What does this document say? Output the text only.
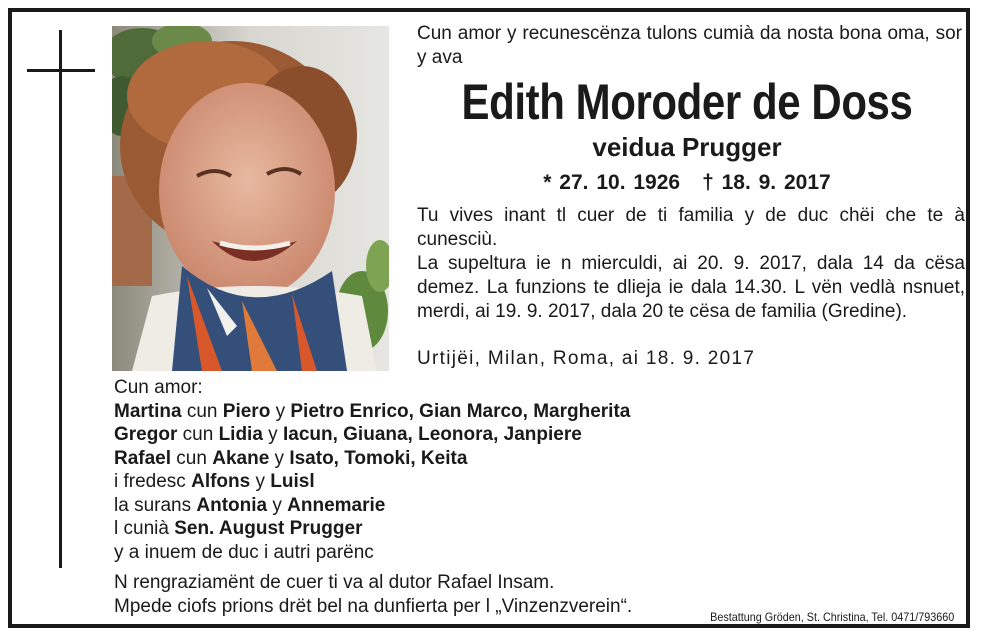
Cun amor y recunescënza tulons cumià da nosta bona oma, sor y ava
Edith Moroder de Doss
veidua Prugger
* 27. 10. 1926 † 18. 9. 2017

Tu vives inant tl cuer de ti familia y de duc chëi che te à cunesciù.

La supeltura ie n mierculdi, ai 20. 9. 2017, dala 14 da cësa demez. La funzions te dlieja ie dala 14.30. L vën vedlà nsnuet, merdi, ai 19. 9. 2017, dala 20 te cësa de familia (Gredine).

Urtijëi, Milan, Roma, ai 18. 9. 2017
Cun amor:
Martina cun Piero y Pietro Enrico, Gian Marco, Margherita
Gregor cun Lidia y Iacun, Giuana, Leonora, Janpiere
Rafael cun Akane y Isato, Tomoki, Keita
i fredesc Alfons y Luisl
la surans Antonia y Annemarie
l cunià Sen. August Prugger
y a inuem de duc i autri parënc

N rengraziamënt de cuer ti va al dutor Rafael Insam.

Mpede ciofs prions drët bel na dunfierta per l „Vinzenzverein“.

Bestattung Gröden, St. Christina, Tel. 0471/793660
